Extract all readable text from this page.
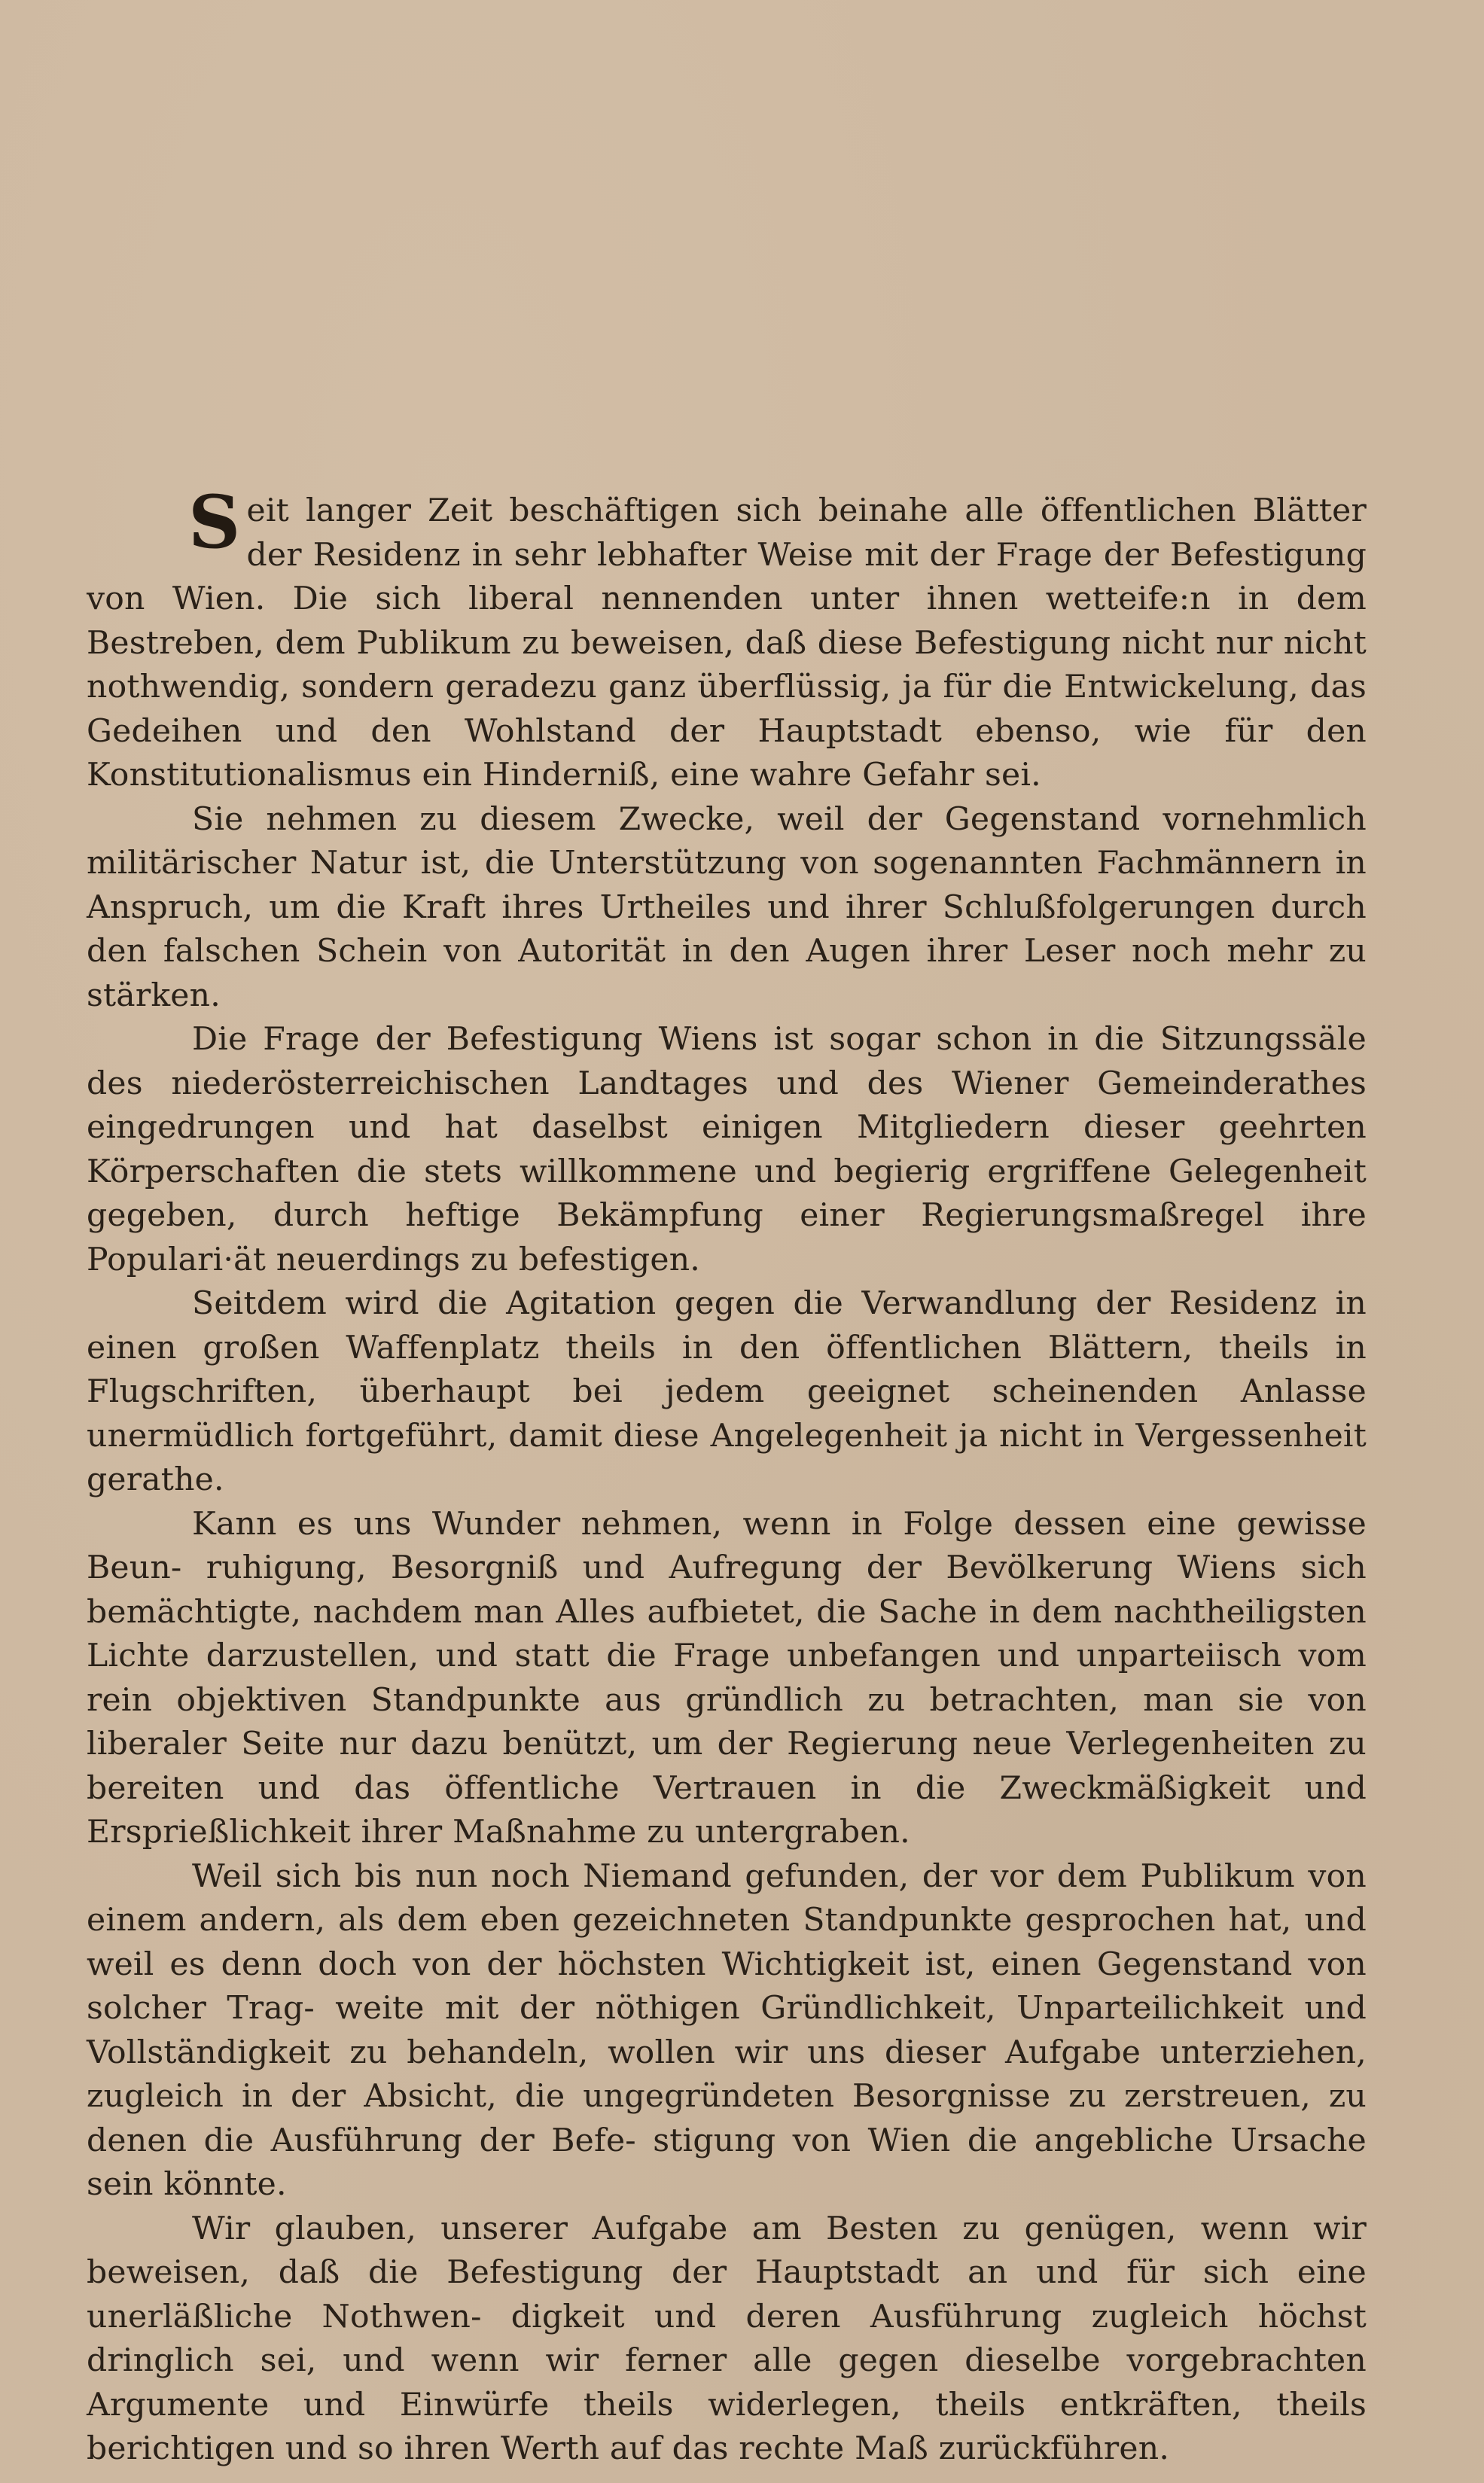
S eit langer Zeit beschäftigen sich beinahe alle öffentlichen Blätter der Residenz in sehr lebhafter Weise mit der Frage der Befestigung von Wien. Die sich liberal nennenden unter ihnen wetteife:n in dem Bestreben, dem Publikum zu beweisen, daß diese Befestigung nicht nur nicht nothwendig, sondern geradezu ganz überflüssig, ja für die Entwickelung, das Gedeihen und den Wohlstand der Hauptstadt ebenso, wie für den Konstitutionalismus ein Hinderniß, eine wahre Gefahr sei.

Sie nehmen zu diesem Zwecke, weil der Gegenstand vornehmlich militärischer Natur ist, die Unterstützung von sogenannten Fachmännern in Anspruch, um die Kraft ihres Urtheiles und ihrer Schlußfolgerungen durch den falschen Schein von Autorität in den Augen ihrer Leser noch mehr zu stärken.

Die Frage der Befestigung Wiens ist sogar schon in die Sitzungssäle des niederösterreichischen Landtages und des Wiener Gemeinderathes eingedrungen und hat daselbst einigen Mitgliedern dieser geehrten Körperschaften die stets willkommene und begierig ergriffene Gelegenheit gegeben, durch heftige Bekämpfung einer Regierungsmaßregel ihre Populari·ät neuerdings zu befestigen.

Seitdem wird die Agitation gegen die Verwandlung der Residenz in einen großen Waffenplatz theils in den öffentlichen Blättern, theils in Flugschriften, überhaupt bei jedem geeignet scheinenden Anlasse unermüdlich fortgeführt, damit diese Angelegenheit ja nicht in Vergessenheit gerathe.

Kann es uns Wunder nehmen, wenn in Folge dessen eine gewisse Beun- ruhigung, Besorgniß und Aufregung der Bevölkerung Wiens sich bemächtigte, nachdem man Alles aufbietet, die Sache in dem nachtheiligsten Lichte darzustellen, und statt die Frage unbefangen und unparteiisch vom rein objektiven Standpunkte aus gründlich zu betrachten, man sie von liberaler Seite nur dazu benützt, um der Regierung neue Verlegenheiten zu bereiten und das öffentliche Vertrauen in die Zweckmäßigkeit und Ersprießlichkeit ihrer Maßnahme zu untergraben.

Weil sich bis nun noch Niemand gefunden, der vor dem Publikum von einem andern, als dem eben gezeichneten Standpunkte gesprochen hat, und weil es denn doch von der höchsten Wichtigkeit ist, einen Gegenstand von solcher Trag- weite mit der nöthigen Gründlichkeit, Unparteilichkeit und Vollständigkeit zu behandeln, wollen wir uns dieser Aufgabe unterziehen, zugleich in der Absicht, die ungegründeten Besorgnisse zu zerstreuen, zu denen die Ausführung der Befe- stigung von Wien die angebliche Ursache sein könnte.

Wir glauben, unserer Aufgabe am Besten zu genügen, wenn wir beweisen, daß die Befestigung der Hauptstadt an und für sich eine unerläßliche Nothwen- digkeit und deren Ausführung zugleich höchst dringlich sei, und wenn wir ferner alle gegen dieselbe vorgebrachten Argumente und Einwürfe theils widerlegen, theils entkräften, theils berichtigen und so ihren Werth auf das rechte Maß zurückführen.
